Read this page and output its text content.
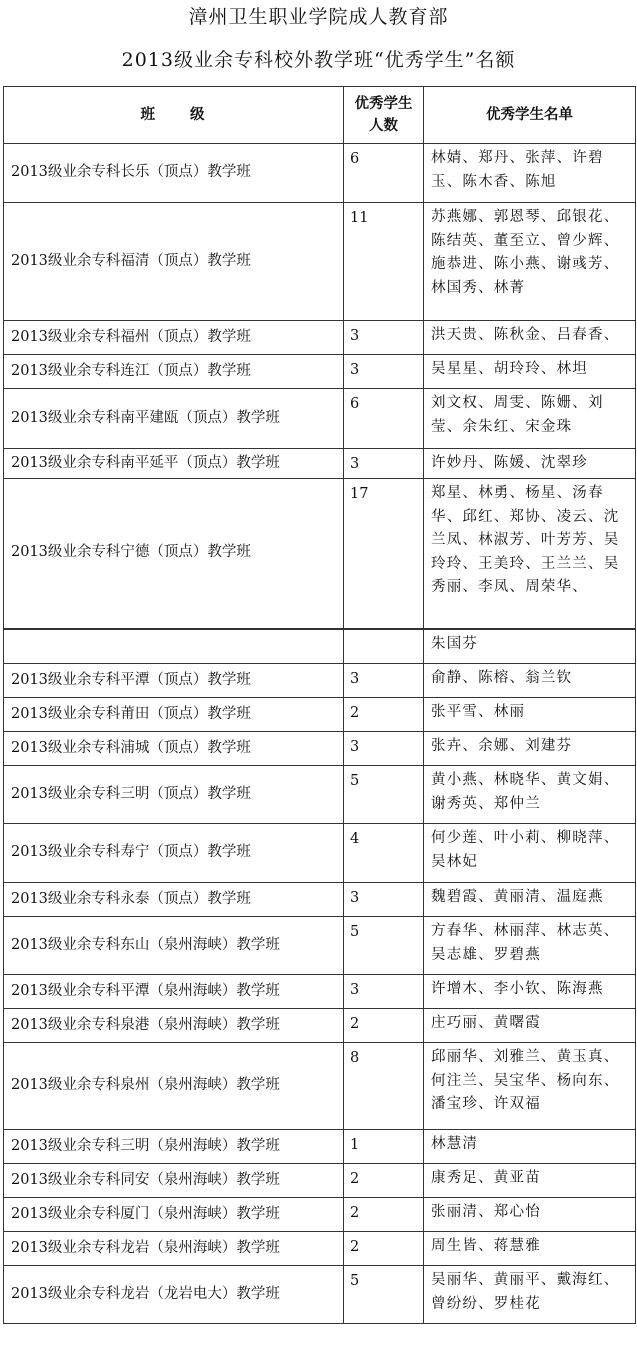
漳州卫生职业学院成人教育部
2013级业余专科校外教学班“优秀学生”名额
班　　级	优秀学生人数	优秀学生名单
2013级业余专科长乐（顶点）教学班	6	林婧、郑丹、张萍、许碧玉、陈木香、陈旭
2013级业余专科福清（顶点）教学班	11	苏燕娜、郭恩琴、邱银花、陈结英、董至立、曾少辉、施恭进、陈小燕、谢彧芳、林国秀、林菁
2013级业余专科福州（顶点）教学班	3	洪天贵、陈秋金、吕春香、
2013级业余专科连江（顶点）教学班	3	吴星星、胡玲玲、林坦
2013级业余专科南平建瓯（顶点）教学班	6	刘文权、周雯、陈姗、刘莹、余朱红、宋金珠
2013级业余专科南平延平（顶点）教学班	3	许妙丹、陈媛、沈翠珍
2013级业余专科宁德（顶点）教学班	17	郑星、林勇、杨星、汤春华、邱红、郑协、凌云、沈兰凤、林淑芳、叶芳芳、吴玲玲、王美玲、王兰兰、吴秀丽、李凤、周荣华、
		朱国芬
2013级业余专科平潭（顶点）教学班	3	俞静、陈榕、翁兰钦
2013级业余专科莆田（顶点）教学班	2	张平雪、林丽
2013级业余专科浦城（顶点）教学班	3	张卉、余娜、刘建芬
2013级业余专科三明（顶点）教学班	5	黄小燕、林晓华、黄文娟、谢秀英、郑仲兰
2013级业余专科寿宁（顶点）教学班	4	何少莲、叶小莉、柳晓萍、吴林妃
2013级业余专科永泰（顶点）教学班	3	魏碧霞、黄丽清、温庭燕
2013级业余专科东山（泉州海峡）教学班	5	方春华、林丽萍、林志英、吴志雄、罗碧燕
2013级业余专科平潭（泉州海峡）教学班	3	许增木、李小钦、陈海燕
2013级业余专科泉港（泉州海峡）教学班	2	庄巧丽、黄曙霞
2013级业余专科泉州（泉州海峡）教学班	8	邱丽华、刘雅兰、黄玉真、何注兰、吴宝华、杨向东、潘宝珍、许双福
2013级业余专科三明（泉州海峡）教学班	1	林慧清
2013级业余专科同安（泉州海峡）教学班	2	康秀足、黄亚苗
2013级业余专科厦门（泉州海峡）教学班	2	张丽清、郑心怡
2013级业余专科龙岩（泉州海峡）教学班	2	周生皆、蒋慧雅
2013级业余专科龙岩（龙岩电大）教学班	5	吴丽华、黄丽平、戴海红、曾纷纷、罗桂花
